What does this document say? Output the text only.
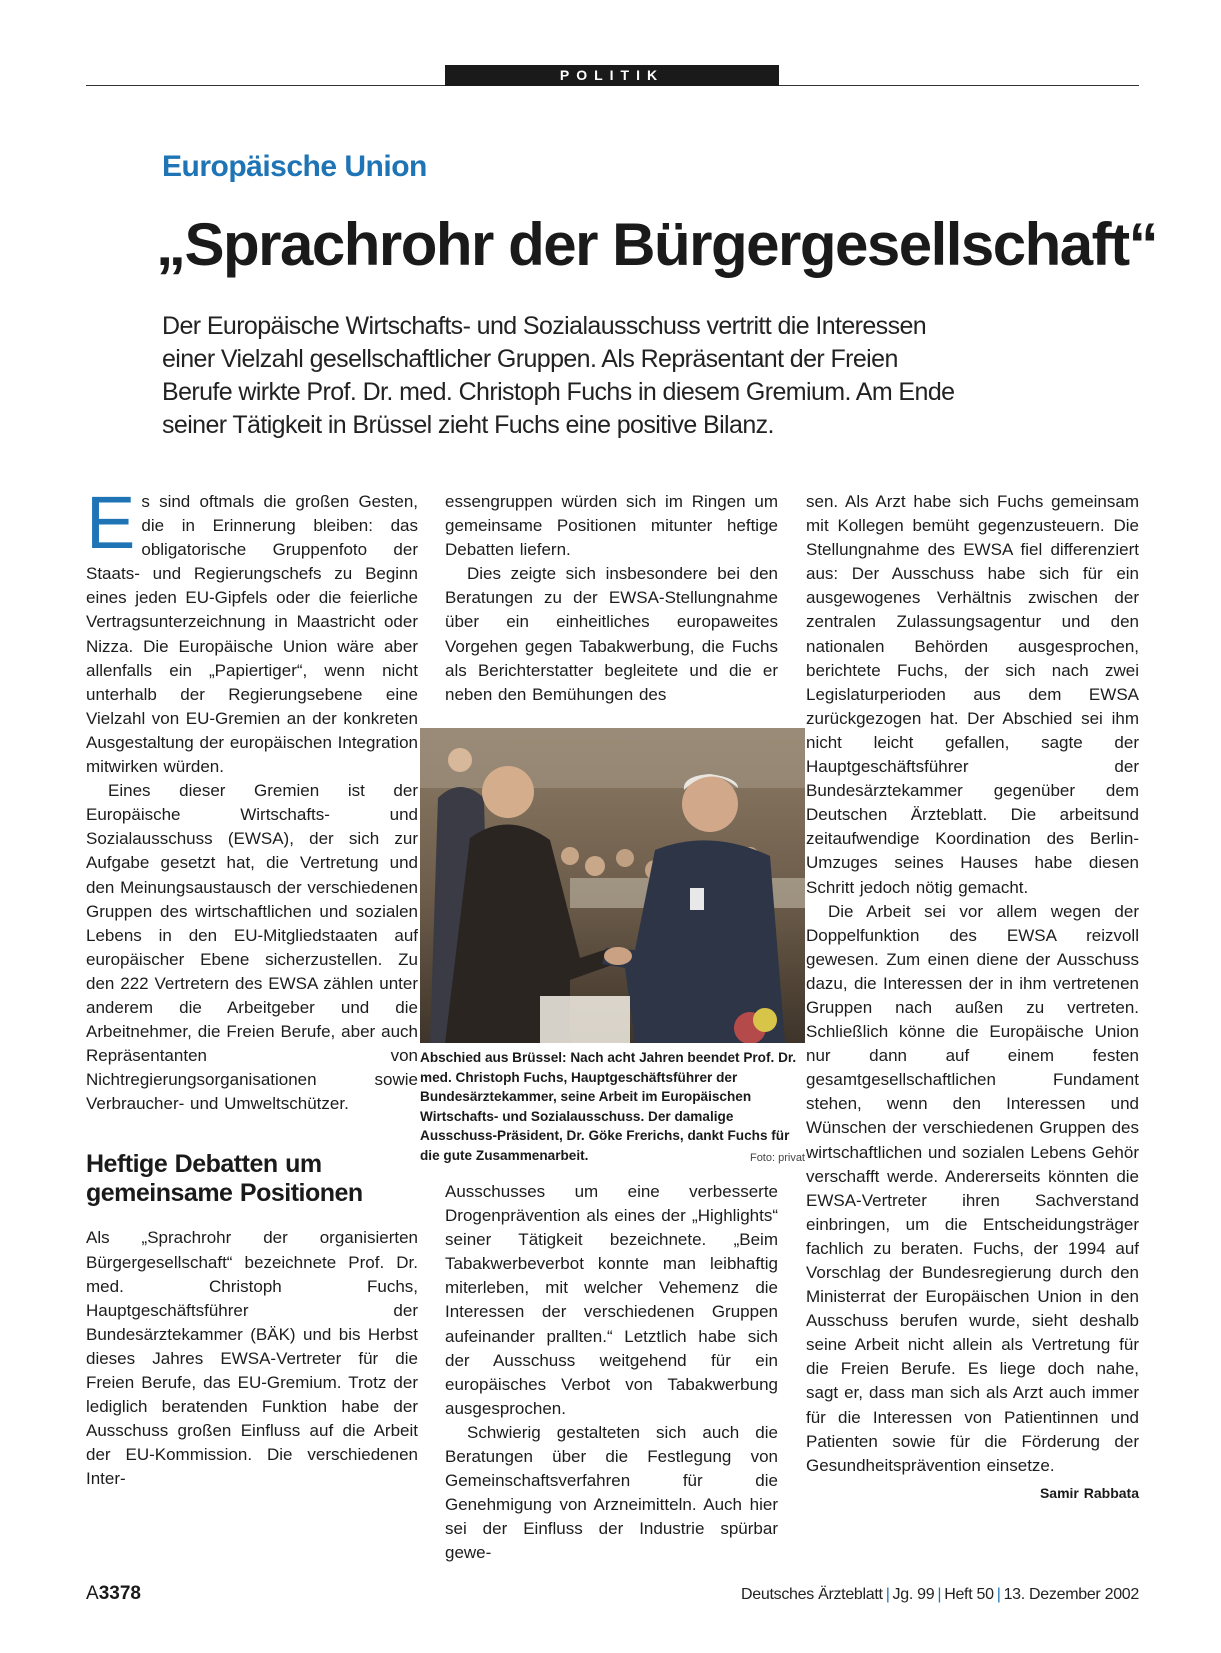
POLITIK
Europäische Union
„Sprachrohr der Bürgergesellschaft“

Der Europäische Wirtschafts- und Sozialausschuss vertritt die Interessen einer Vielzahl gesellschaftlicher Gruppen. Als Repräsentant der Freien Berufe wirkte Prof. Dr. med. Christoph Fuchs in diesem Gremium. Am Ende seiner Tätigkeit in Brüssel zieht Fuchs eine positive Bilanz.

E s sind oftmals die großen Gesten, die in Erinnerung bleiben: das obligatorische Gruppenfoto der Staats- und Regierungschefs zu Beginn eines jeden EU-Gipfels oder die feierliche Vertragsunterzeichnung in Maastricht oder Nizza. Die Europäische Union wäre aber allenfalls ein „Papiertiger“, wenn nicht unterhalb der Regierungsebene eine Vielzahl von EU-Gremien an der konkreten Ausgestaltung der europäischen Integration mitwirken würden.

Eines dieser Gremien ist der Europäische Wirtschafts- und Sozialausschuss (EWSA), der sich zur Aufgabe gesetzt hat, die Vertretung und den Meinungsaustausch der verschiedenen Gruppen des wirtschaftlichen und sozialen Lebens in den EU-Mitgliedstaaten auf europäischer Ebene sicherzustellen. Zu den 222 Vertretern des EWSA zählen unter anderem die Arbeitgeber und die Arbeitnehmer, die Freien Berufe, aber auch Repräsentanten von Nichtregierungsorganisationen sowie Verbraucher- und Umweltschützer.

Heftige Debatten um gemeinsame Positionen

Als „Sprachrohr der organisierten Bürgergesellschaft“ bezeichnete Prof. Dr. med. Christoph Fuchs, Hauptgeschäftsführer der Bundesärztekammer (BÄK) und bis Herbst dieses Jahres EWSA-Vertreter für die Freien Berufe, das EU-Gremium. Trotz der lediglich beratenden Funktion habe der Ausschuss großen Einfluss auf die Arbeit der EU-Kommission. Die verschiedenen Inter-

essengruppen würden sich im Ringen um gemeinsame Positionen mitunter heftige Debatten liefern.

Dies zeigte sich insbesondere bei den Beratungen zu der EWSA-Stellungnahme über ein einheitliches europaweites Vorgehen gegen Tabakwerbung, die Fuchs als Berichterstatter begleitete und die er neben den Bemühungen des

Abschied aus Brüssel: Nach acht Jahren beendet Prof. Dr. med. Christoph Fuchs, Hauptgeschäftsführer der Bundesärztekammer, seine Arbeit im Europäischen Wirtschafts- und Sozialausschuss. Der damalige Ausschuss-Präsident, Dr. Göke Frerichs, dankt Fuchs für die gute Zusammenarbeit.	Foto: privat

Ausschusses um eine verbesserte Drogenprävention als eines der „Highlights“ seiner Tätigkeit bezeichnete. „Beim Tabakwerbeverbot konnte man leibhaftig miterleben, mit welcher Vehemenz die Interessen der verschiedenen Gruppen aufeinander prallten.“ Letztlich habe sich der Ausschuss weitgehend für ein europäisches Verbot von Tabakwerbung ausgesprochen.

Schwierig gestalteten sich auch die Beratungen über die Festlegung von Gemeinschaftsverfahren für die Genehmigung von Arzneimitteln. Auch hier sei der Einfluss der Industrie spürbar gewe-

sen. Als Arzt habe sich Fuchs gemeinsam mit Kollegen bemüht gegenzusteuern. Die Stellungnahme des EWSA fiel differenziert aus: Der Ausschuss habe sich für ein ausgewogenes Verhältnis zwischen der zentralen Zulassungsagentur und den nationalen Behörden ausgesprochen, berichtete Fuchs, der sich nach zwei Legislaturperioden aus dem EWSA zurückgezogen hat. Der Abschied sei ihm nicht leicht gefallen, sagte der Hauptgeschäftsführer der Bundesärztekammer gegenüber dem Deutschen Ärzteblatt. Die arbeitsund zeitaufwendige Koordination des Berlin-Umzuges seines Hauses habe diesen Schritt jedoch nötig gemacht.

Die Arbeit sei vor allem wegen der Doppelfunktion des EWSA reizvoll gewesen. Zum einen diene der Ausschuss dazu, die Interessen der in ihm vertretenen Gruppen nach außen zu vertreten. Schließlich könne die Europäische Union nur dann auf einem festen gesamtgesellschaftlichen Fundament stehen, wenn den Interessen und Wünschen der verschiedenen Gruppen des wirtschaftlichen und sozialen Lebens Gehör verschafft werde. Andererseits könnten die EWSA-Vertreter ihren Sachverstand einbringen, um die Entscheidungsträger fachlich zu beraten. Fuchs, der 1994 auf Vorschlag der Bundesregierung durch den Ministerrat der Europäischen Union in den Ausschuss berufen wurde, sieht deshalb seine Arbeit nicht allein als Vertretung für die Freien Berufe. Es liege doch nahe, sagt er, dass man sich als Arzt auch immer für die Interessen von Patientinnen und Patienten sowie für die Förderung der Gesundheitsprävention einsetze.

Samir Rabbata
A3378	Deutsches Ärzteblatt | Jg. 99 | Heft 50 | 13. Dezember 2002
